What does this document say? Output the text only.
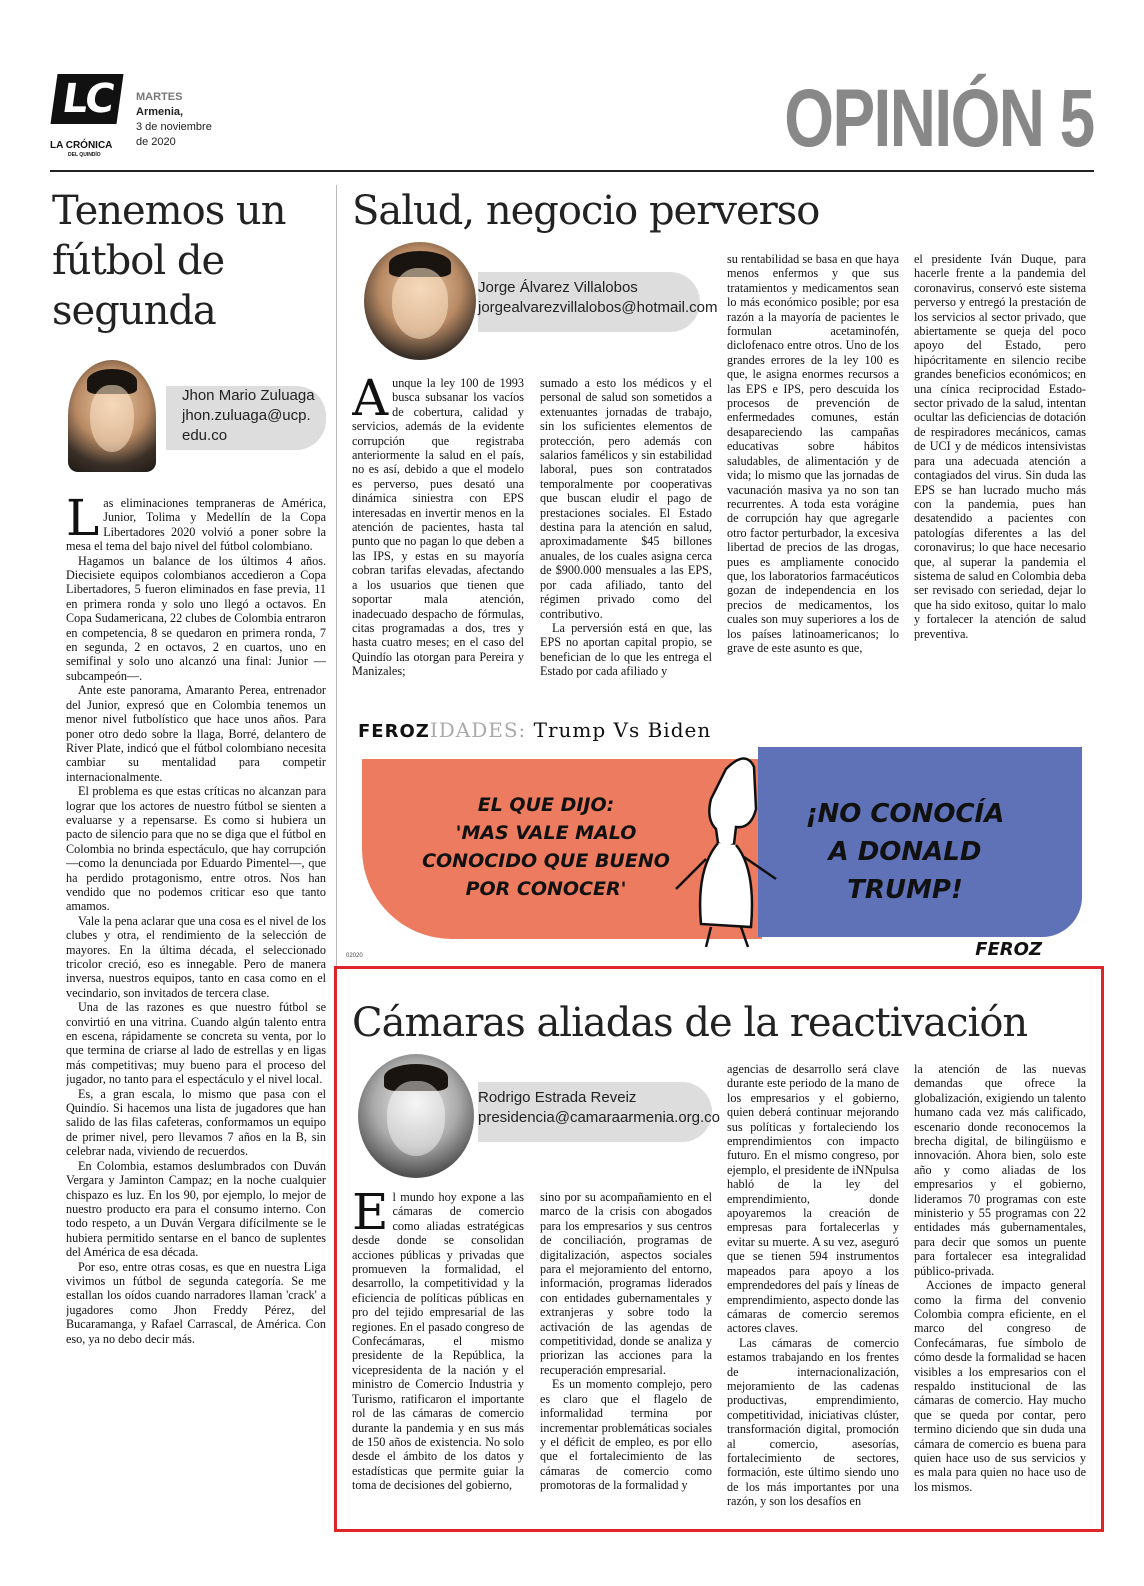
LC
LA CRÓNICA
DEL QUINDÍO
MARTES
Armenia,
3 de noviembre
de 2020	OPINIÓN 5
Tenemos un fútbol de segunda
Jhon Mario Zuluaga
jhon.zuluaga@ucp.
edu.co

Las eliminaciones tempraneras de América, Junior, Tolima y Medellín de la Copa Libertadores 2020 volvió a poner sobre la mesa el tema del bajo nivel del fútbol colombiano.

Hagamos un balance de los últimos 4 años. Diecisiete equipos colombianos accedieron a Copa Libertadores, 5 fueron eliminados en fase previa, 11 en primera ronda y solo uno llegó a octavos. En Copa Sudamericana, 22 clubes de Colombia entraron en competencia, 8 se quedaron en primera ronda, 7 en segunda, 2 en octavos, 2 en cuartos, uno en semifinal y solo uno alcanzó una final: Junior —subcampeón—.

Ante este panorama, Amaranto Perea, entrenador del Junior, expresó que en Colombia tenemos un menor nivel futbolístico que hace unos años. Para poner otro dedo sobre la llaga, Borré, delantero de River Plate, indicó que el fútbol colombiano necesita cambiar su mentalidad para competir internacionalmente.

El problema es que estas críticas no alcanzan para lograr que los actores de nuestro fútbol se sienten a evaluarse y a repensarse. Es como si hubiera un pacto de silencio para que no se diga que el fútbol en Colombia no brinda espectáculo, que hay corrupción —como la denunciada por Eduardo Pimentel—, que ha perdido protagonismo, entre otros. Nos han vendido que no podemos criticar eso que tanto amamos.

Vale la pena aclarar que una cosa es el nivel de los clubes y otra, el rendimiento de la selección de mayores. En la última década, el seleccionado tricolor creció, eso es innegable. Pero de manera inversa, nuestros equipos, tanto en casa como en el vecindario, son invitados de tercera clase.

Una de las razones es que nuestro fútbol se convirtió en una vitrina. Cuando algún talento entra en escena, rápidamente se concreta su venta, por lo que termina de criarse al lado de estrellas y en ligas más competitivas; muy bueno para el proceso del jugador, no tanto para el espectáculo y el nivel local.

Es, a gran escala, lo mismo que pasa con el Quindío. Si hacemos una lista de jugadores que han salido de las filas cafeteras, conformamos un equipo de primer nivel, pero llevamos 7 años en la B, sin celebrar nada, viviendo de recuerdos.

En Colombia, estamos deslumbrados con Duván Vergara y Jaminton Campaz; en la noche cualquier chispazo es luz. En los 90, por ejemplo, lo mejor de nuestro producto era para el consumo interno. Con todo respeto, a un Duván Vergara difícilmente se le hubiera permitido sentarse en el banco de suplentes del América de esa década.

Por eso, entre otras cosas, es que en nuestra Liga vivimos un fútbol de segunda categoría. Se me estallan los oídos cuando narradores llaman 'crack' a jugadores como Jhon Freddy Pérez, del Bucaramanga, y Rafael Carrascal, de América. Con eso, ya no debo decir más.

Salud, negocio perverso
Jorge Álvarez Villalobos
jorgealvarezvillalobos@hotmail.com

Aunque la ley 100 de 1993 busca subsanar los vacíos de cobertura, calidad y servicios, además de la evidente corrupción que registraba anteriormente la salud en el país, no es así, debido a que el modelo es perverso, pues desató una dinámica siniestra con EPS interesadas en invertir menos en la atención de pacientes, hasta tal punto que no pagan lo que deben a las IPS, y estas en su mayoría cobran tarifas elevadas, afectando a los usuarios que tienen que soportar mala atención, inadecuado despacho de fórmulas, citas programadas a dos, tres y hasta cuatro meses; en el caso del Quindío las otorgan para Pereira y Manizales;

sumado a esto los médicos y el personal de salud son sometidos a extenuantes jornadas de trabajo, sin los suficientes elementos de protección, pero además con salarios famélicos y sin estabilidad laboral, pues son contratados temporalmente por cooperativas que buscan eludir el pago de prestaciones sociales. El Estado destina para la atención en salud, aproximadamente $45 billones anuales, de los cuales asigna cerca de $900.000 mensuales a las EPS, por cada afiliado, tanto del régimen privado como del contributivo.

La perversión está en que, las EPS no aportan capital propio, se benefician de lo que les entrega el Estado por cada afiliado y

su rentabilidad se basa en que haya menos enfermos y que sus tratamientos y medicamentos sean lo más económico posible; por esa razón a la mayoría de pacientes le formulan acetaminofén, diclofenaco entre otros. Uno de los grandes errores de la ley 100 es que, le asigna enormes recursos a las EPS e IPS, pero descuida los procesos de prevención de enfermedades comunes, están desapareciendo las campañas educativas sobre hábitos saludables, de alimentación y de vida; lo mismo que las jornadas de vacunación masiva ya no son tan recurrentes. A toda esta vorágine de corrupción hay que agregarle otro factor perturbador, la excesiva libertad de precios de las drogas, pues es ampliamente conocido que, los laboratorios farmacéuticos gozan de independencia en los precios de medicamentos, los cuales son muy superiores a los de los países latinoamericanos; lo grave de este asunto es que,

el presidente Iván Duque, para hacerle frente a la pandemia del coronavirus, conservó este sistema perverso y entregó la prestación de los servicios al sector privado, que abiertamente se queja del poco apoyo del Estado, pero hipócritamente en silencio recibe grandes beneficios económicos; en una cínica reciprocidad Estado-sector privado de la salud, intentan ocultar las deficiencias de dotación de respiradores mecánicos, camas de UCI y de médicos intensivistas para una adecuada atención a contagiados del virus. Sin duda las EPS se han lucrado mucho más con la pandemia, pues han desatendido a pacientes con patologías diferentes a las del coronavirus; lo que hace necesario que, al superar la pandemia el sistema de salud en Colombia deba ser revisado con seriedad, dejar lo que ha sido exitoso, quitar lo malo y fortalecer la atención de salud preventiva.

FEROZIDADES: Trump Vs Biden
EL QUE DIJO:
'MAS VALE MALO
CONOCIDO QUE BUENO
POR CONOCER'
¡NO CONOCÍA
A DONALD
TRUMP!
FEROZ
02020
Cámaras aliadas de la reactivación
Rodrigo Estrada Reveiz
presidencia@camaraarmenia.org.co

El mundo hoy expone a las cámaras de comercio como aliadas estratégicas desde donde se consolidan acciones públicas y privadas que promueven la formalidad, el desarrollo, la competitividad y la eficiencia de políticas públicas en pro del tejido empresarial de las regiones. En el pasado congreso de Confecámaras, el mismo presidente de la República, la vicepresidenta de la nación y el ministro de Comercio Industria y Turismo, ratificaron el importante rol de las cámaras de comercio durante la pandemia y en sus más de 150 años de existencia. No solo desde el ámbito de los datos y estadísticas que permite guiar la toma de decisiones del gobierno,

sino por su acompañamiento en el marco de la crisis con abogados para los empresarios y sus centros de conciliación, programas de digitalización, aspectos sociales para el mejoramiento del entorno, información, programas liderados con entidades gubernamentales y extranjeras y sobre todo la activación de las agendas de competitividad, donde se analiza y priorizan las acciones para la recuperación empresarial.

Es un momento complejo, pero es claro que el flagelo de informalidad termina por incrementar problemáticas sociales y el déficit de empleo, es por ello que el fortalecimiento de las cámaras de comercio como promotoras de la formalidad y

agencias de desarrollo será clave durante este periodo de la mano de los empresarios y el gobierno, quien deberá continuar mejorando sus políticas y fortaleciendo los emprendimientos con impacto futuro. En el mismo congreso, por ejemplo, el presidente de iNNpulsa habló de la ley del emprendimiento, donde apoyaremos la creación de empresas para fortalecerlas y evitar su muerte. A su vez, aseguró que se tienen 594 instrumentos mapeados para apoyo a los emprendedores del país y líneas de emprendimiento, aspecto donde las cámaras de comercio seremos actores claves.

Las cámaras de comercio estamos trabajando en los frentes de internacionalización, mejoramiento de las cadenas productivas, emprendimiento, competitividad, iniciativas clúster, transformación digital, promoción al comercio, asesorías, fortalecimiento de sectores, formación, este último siendo uno de los más importantes por una razón, y son los desafíos en

la atención de las nuevas demandas que ofrece la globalización, exigiendo un talento humano cada vez más calificado, escenario donde reconocemos la brecha digital, de bilingüismo e innovación. Ahora bien, solo este año y como aliadas de los empresarios y el gobierno, lideramos 70 programas con este ministerio y 55 programas con 22 entidades más gubernamentales, para decir que somos un puente para fortalecer esa integralidad público-privada.

Acciones de impacto general como la firma del convenio Colombia compra eficiente, en el marco del congreso de Confecámaras, fue símbolo de cómo desde la formalidad se hacen visibles a los empresarios con el respaldo institucional de las cámaras de comercio. Hay mucho que se queda por contar, pero termino diciendo que sin duda una cámara de comercio es buena para quien hace uso de sus servicios y es mala para quien no hace uso de los mismos.
